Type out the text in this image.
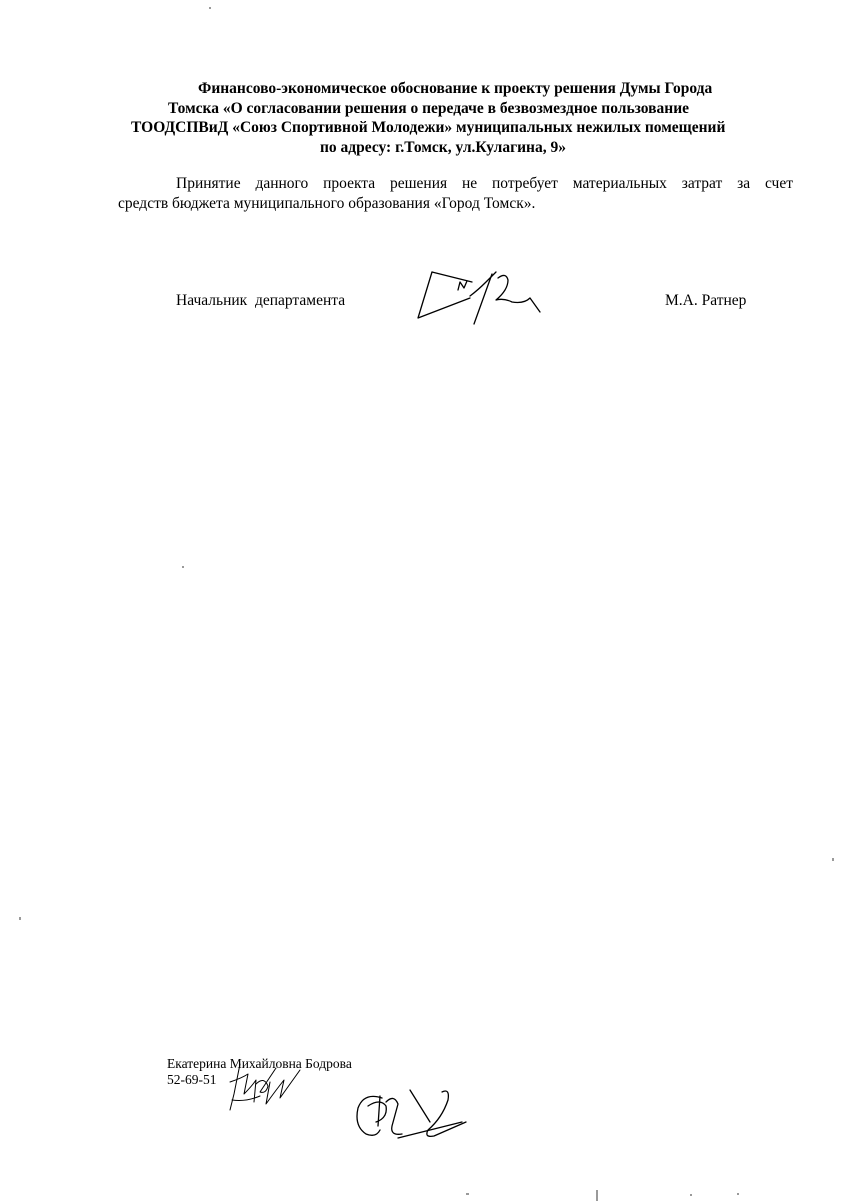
Финансово-экономическое обоснование к проекту решения Думы Города
Томска «О согласовании решения о передаче в безвозмездное пользование
ТООДСПВиД «Союз Спортивной Молодежи» муниципальных нежилых помещений
по адресу: г.Томск, ул.Кулагина, 9»
Принятие данного проекта решения не потребует материальных затрат за счет
средств бюджета муниципального образования «Город Томск».
Начальник  департамента	М.А. Ратнер
Екатерина Михайловна Бодрова
52-69-51
